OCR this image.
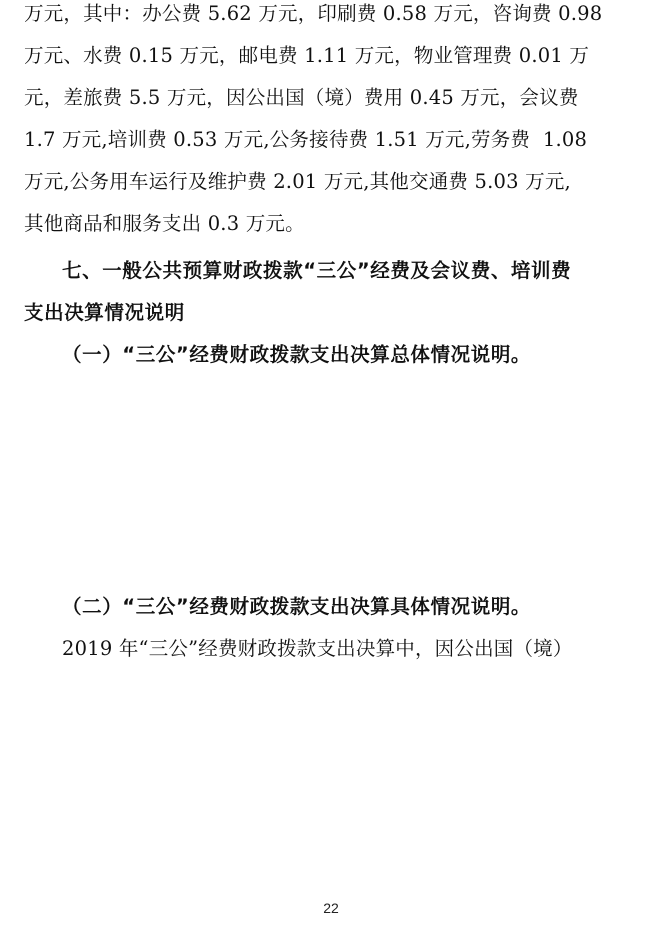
万元，其中：办公费 5.62 万元，印刷费 0.58 万元，咨询费 0.98
万元、水费 0.15 万元，邮电费 1.11 万元，物业管理费 0.01 万
元，差旅费 5.5 万元，因公出国（境）费用 0.45 万元，会议费
1.7 万元,培训费 0.53 万元,公务接待费 1.51 万元,劳务费  1.08
万元,公务用车运行及维护费 2.01 万元,其他交通费 5.03 万元,
其他商品和服务支出 0.3 万元。
七、一般公共预算财政拨款“三公”经费及会议费、培训费
支出决算情况说明
（一）“三公”经费财政拨款支出决算总体情况说明。

（二）“三公”经费财政拨款支出决算具体情况说明。
2019 年“三公”经费财政拨款支出决算中，因公出国（境）

22
